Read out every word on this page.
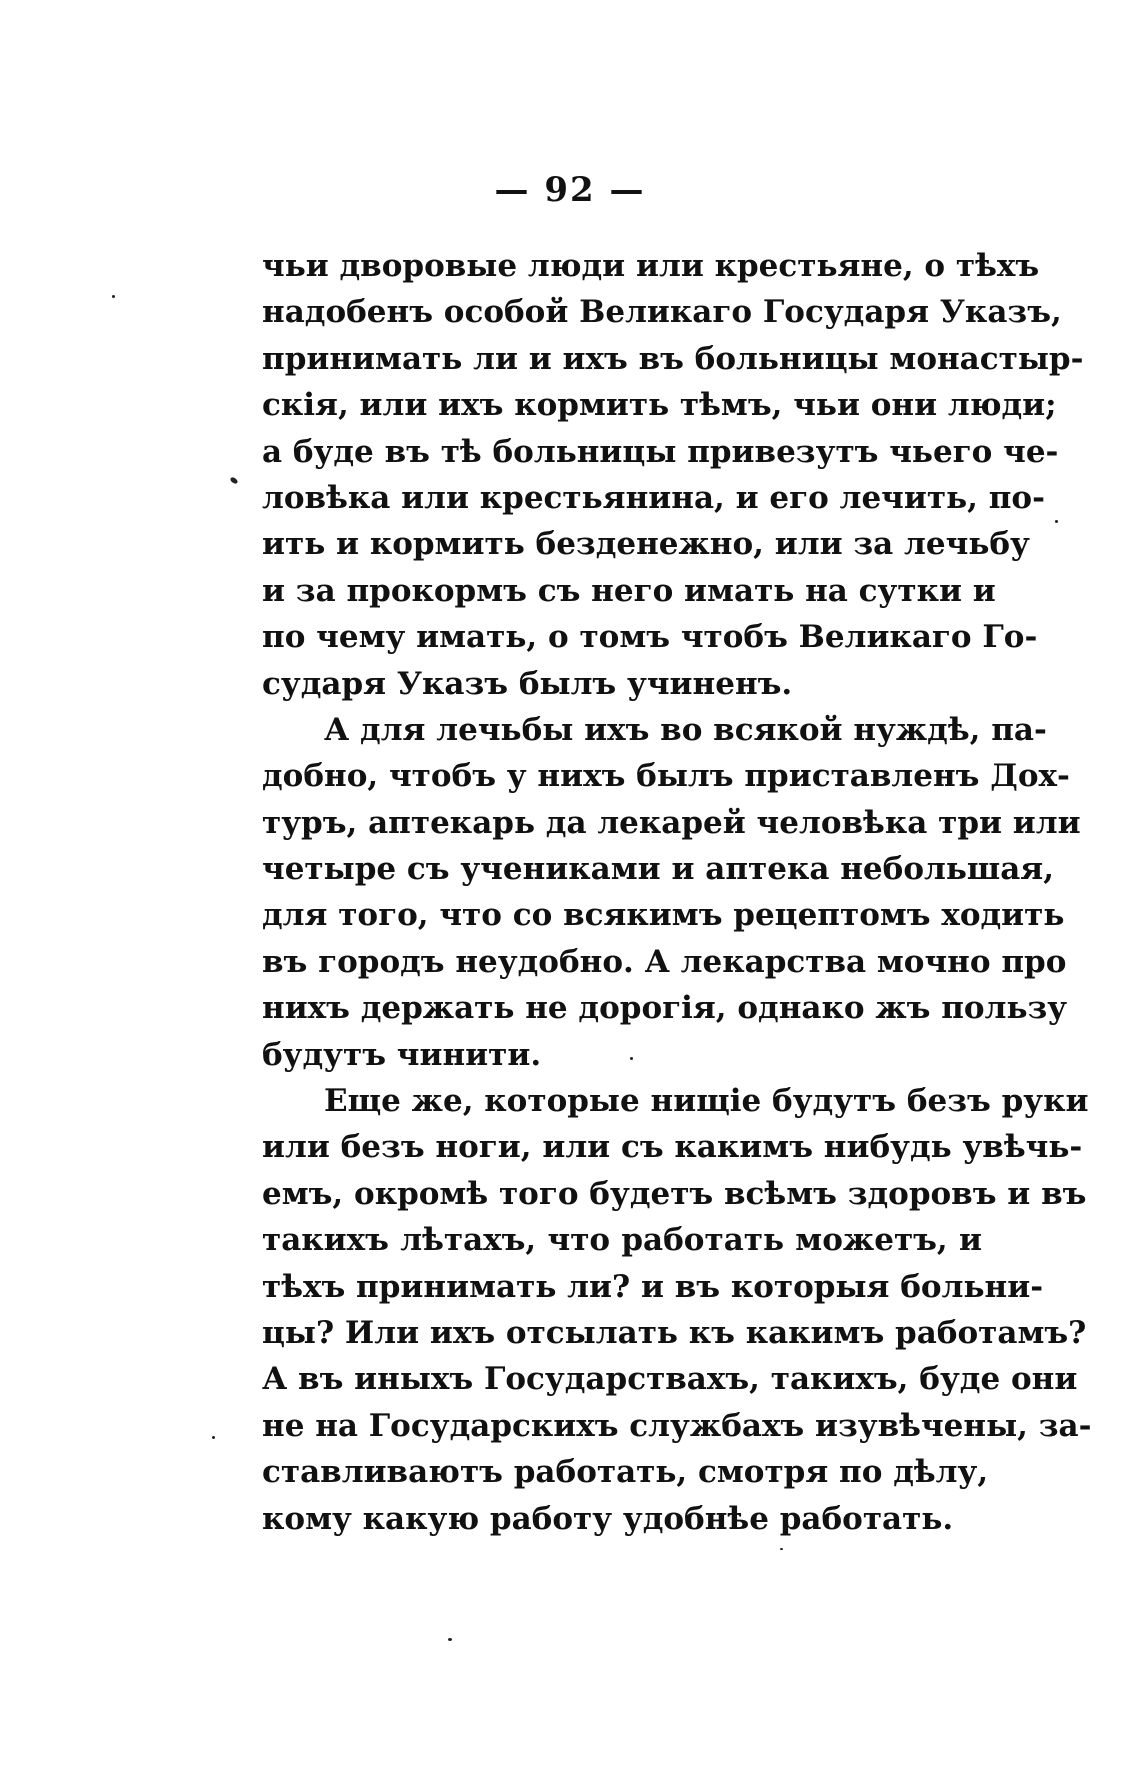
— 92 —
чьи дворовые люди или крестьяне, о тѣхъ
надобенъ особой Великаго Государя Указъ,
принимать ли и ихъ въ больницы монастыр-
скія, или ихъ кормить тѣмъ, чьи они люди;
а буде въ тѣ больницы привезутъ чьего че-
ловѣка или крестьянина, и его лечить, по-
ить и кормить безденежно, или за лечьбу
и за прокормъ съ него имать на сутки и
по чему имать, о томъ чтобъ Великаго Го-
сударя Указъ былъ учиненъ.
А для лечьбы ихъ во всякой нуждѣ, па-
добно, чтобъ у нихъ былъ приставленъ Дох-
туръ, аптекарь да лекарей человѣка три или
четыре съ учениками и аптека небольшая,
для того, что со всякимъ рецептомъ ходить
въ городъ неудобно. А лекарства мочно про
нихъ держать не дорогія, однако жъ пользу
будутъ чинити.
Еще же, которые нищіе будутъ безъ руки
или безъ ноги, или съ какимъ нибудь увѣчь-
емъ, окромѣ того будетъ всѣмъ здоровъ и въ
такихъ лѣтахъ, что работать можетъ, и
тѣхъ принимать ли? и въ которыя больни-
цы? Или ихъ отсылать къ какимъ работамъ?
А въ иныхъ Государствахъ, такихъ, буде они
не на Государскихъ службахъ изувѣчены, за-
ставливаютъ работать, смотря по дѣлу,
кому какую работу удобнѣе работать.
